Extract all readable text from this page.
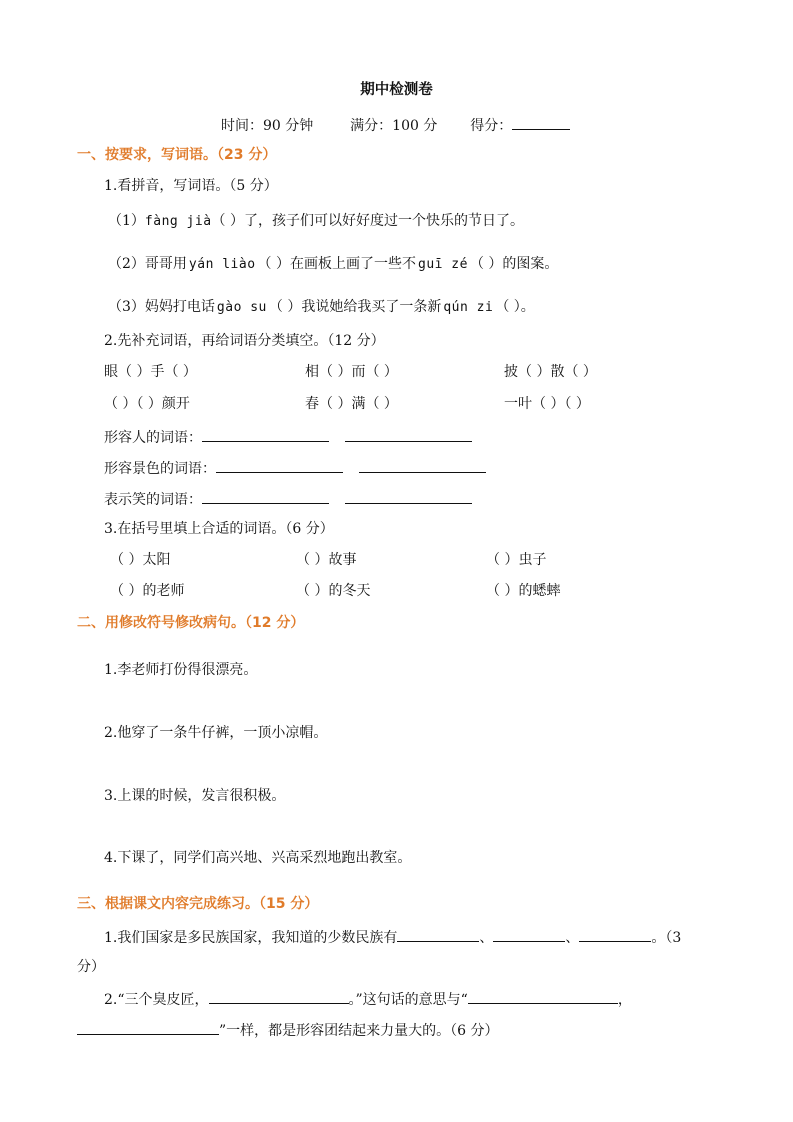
期中检测卷
时间：90 分钟	满分：100 分 得分：
一、按要求，写词语。（23 分）
1.看拼音，写词语。（5 分）
（1）fàng jià（ ）了，孩子们可以好好度过一个快乐的节日了。
（2）哥哥用 yán liào （ ）在画板上画了一些不 guī zé （ ）的图案。
（3）妈妈打电话 gào su （ ）我说她给我买了一条新 qún zi （ ）。
2.先补充词语，再给词语分类填空。（12 分）
眼（ ）手（ ）	相（ ）而（ ）	披（ ）散（ ）
（ ）（ ）颜开	春（ ）满（ ）	一叶（ ）（ ）
形容人的词语：
形容景色的词语：
表示笑的词语：
3.在括号里填上合适的词语。（6 分）
（ ）太阳	（ ）故事	（ ）虫子
（ ）的老师	（ ）的冬天	（ ）的蟋蟀
二、用修改符号修改病句。（12 分）
1.李老师打份得很漂亮。
2.他穿了一条牛仔裤，一顶小凉帽。
3.上课的时候，发言很积极。
4.下课了，同学们高兴地、兴高采烈地跑出教室。
三、根据课文内容完成练习。（15 分）
1.我们国家是多民族国家，我知道的少数民族有	、	、	。（3
分）
2.“三个臭皮匠，	。”这句话的意思与“	，
”一样，都是形容团结起来力量大的。（6 分）
